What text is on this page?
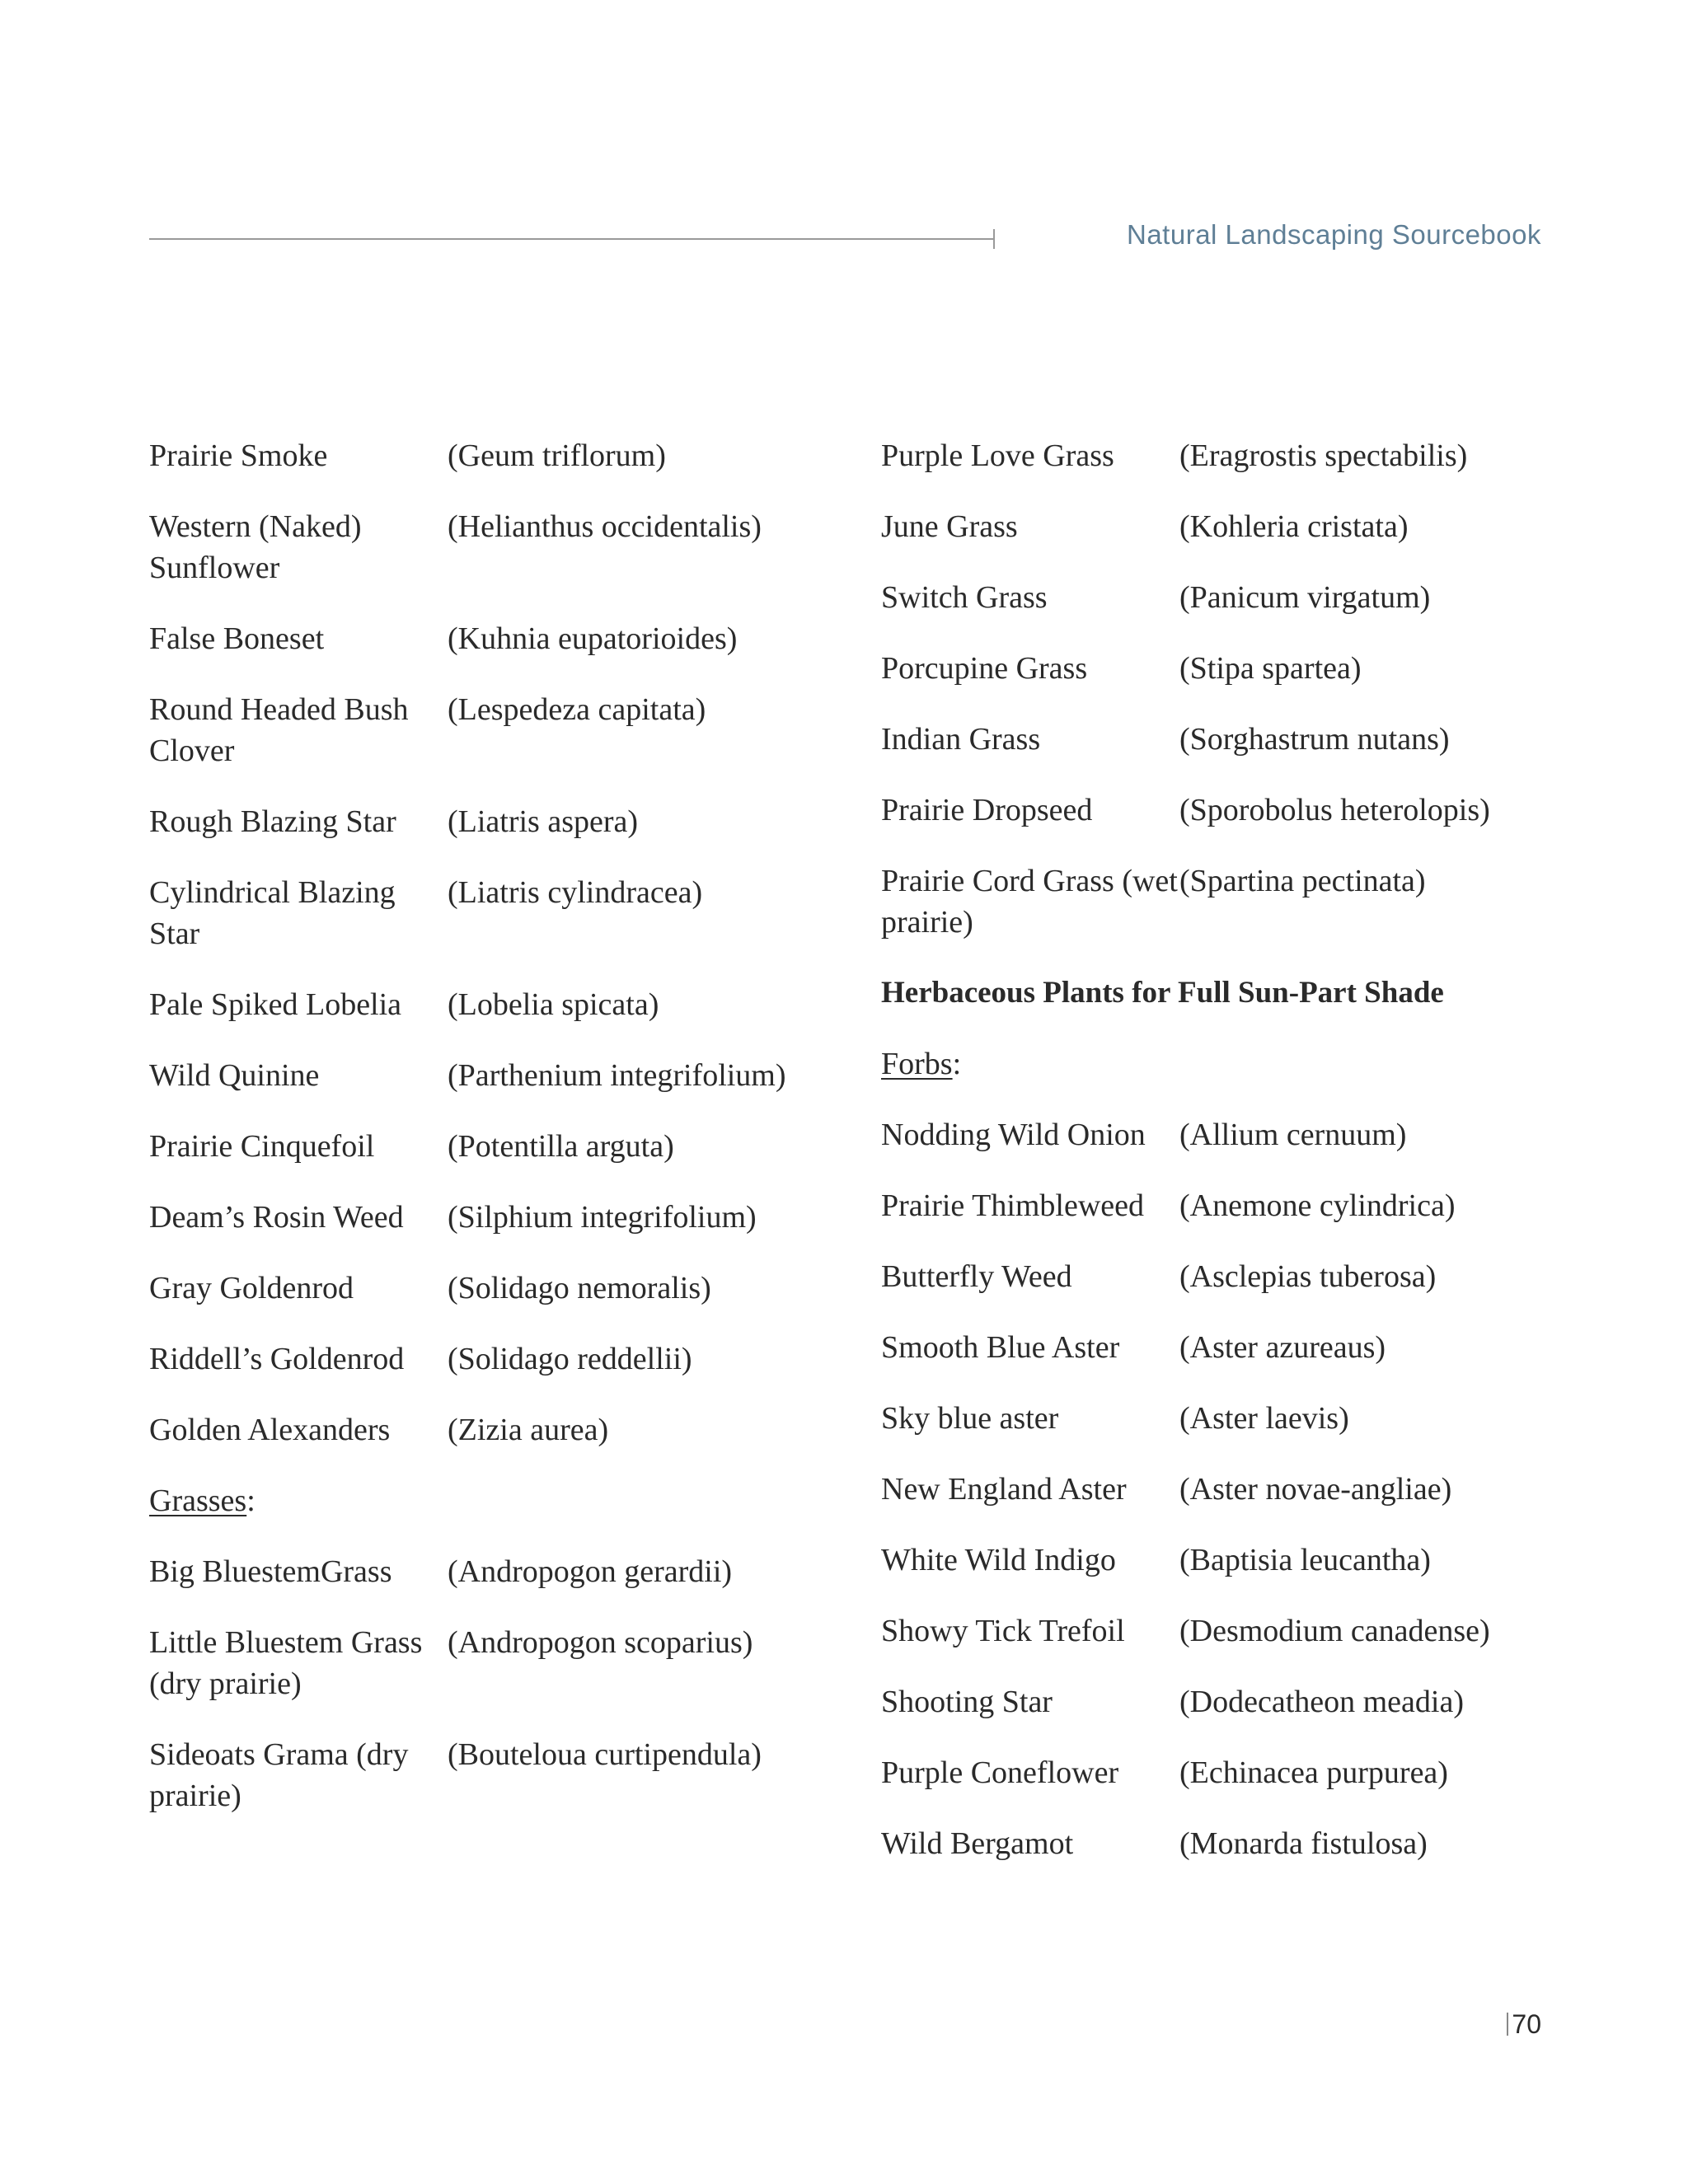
Natural Landscaping Sourcebook
Prairie Smoke	(Geum triflorum)
Western (Naked) Sunflower
(Helianthus occidentalis)
False Boneset	(Kuhnia eupatorioides)
Round Headed Bush Clover
(Lespedeza capitata)
Rough Blazing Star	(Liatris aspera)
Cylindrical Blazing Star
(Liatris cylindracea)
Pale Spiked Lobelia	(Lobelia spicata)
Wild Quinine	(Parthenium integrifolium)
Prairie Cinquefoil	(Potentilla arguta)
Deam’s Rosin Weed	(Silphium integrifolium)
Gray Goldenrod	(Solidago nemoralis)
Riddell’s Goldenrod	(Solidago reddellii)
Golden Alexanders	(Zizia aurea)
Grasses:
Big BluestemGrass	(Andropogon gerardii)
Little Bluestem Grass (dry prairie)
(Andropogon scoparius)
Sideoats Grama (dry prairie)
(Bouteloua curtipendula)
Purple Love Grass	(Eragrostis spectabilis)
June Grass	(Kohleria cristata)
Switch Grass	(Panicum virgatum)
Porcupine Grass	(Stipa spartea)
Indian Grass	(Sorghastrum nutans)
Prairie Dropseed	(Sporobolus heterolopis)
Prairie Cord Grass (wet prairie)
(Spartina pectinata)
Herbaceous Plants for Full Sun-Part Shade
Forbs:
Nodding Wild Onion	(Allium cernuum)
Prairie Thimbleweed	(Anemone cylindrica)
Butterfly Weed	(Asclepias tuberosa)
Smooth Blue Aster	(Aster azureaus)
Sky blue aster	(Aster laevis)
New England Aster	(Aster novae-angliae)
White Wild Indigo	(Baptisia leucantha)
Showy Tick Trefoil	(Desmodium canadense)
Shooting Star	(Dodecatheon meadia)
Purple Coneflower	(Echinacea purpurea)
Wild Bergamot	(Monarda fistulosa)
70
